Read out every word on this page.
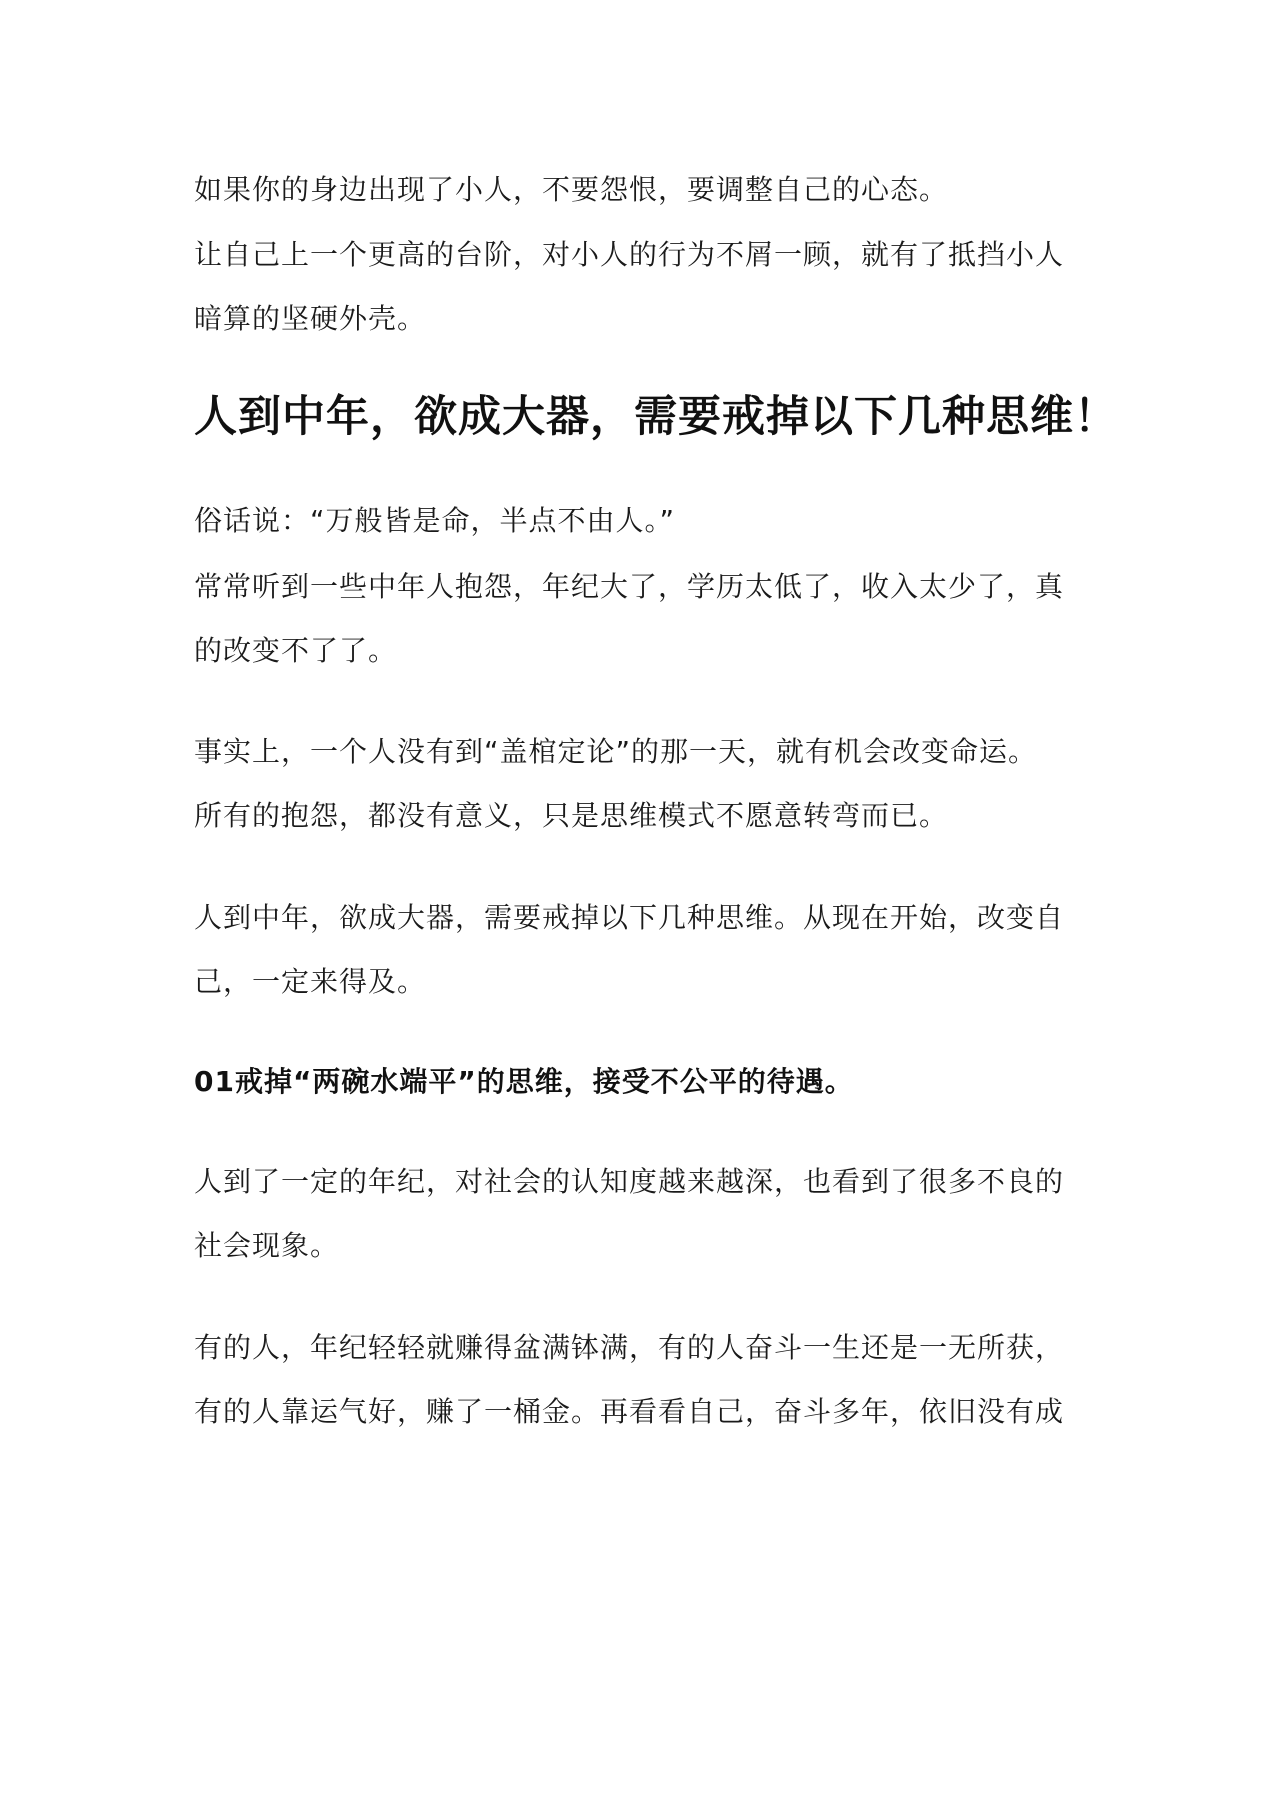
如果你的身边出现了小人，不要怨恨，要调整自己的心态。

让自己上一个更高的台阶，对小人的行为不屑一顾，就有了抵挡小人
暗算的坚硬外壳。

人到中年，欲成大器，需要戒掉以下几种思维！

俗话说：“万般皆是命，半点不由人。”

常常听到一些中年人抱怨，年纪大了，学历太低了，收入太少了，真
的改变不了了。

事实上，一个人没有到“盖棺定论”的那一天，就有机会改变命运。
所有的抱怨，都没有意义，只是思维模式不愿意转弯而已。

人到中年，欲成大器，需要戒掉以下几种思维。从现在开始，改变自
己，一定来得及。

01戒掉“两碗水端平”的思维，接受不公平的待遇。

人到了一定的年纪，对社会的认知度越来越深，也看到了很多不良的
社会现象。

有的人，年纪轻轻就赚得盆满钵满，有的人奋斗一生还是一无所获，
有的人靠运气好，赚了一桶金。再看看自己，奋斗多年，依旧没有成
